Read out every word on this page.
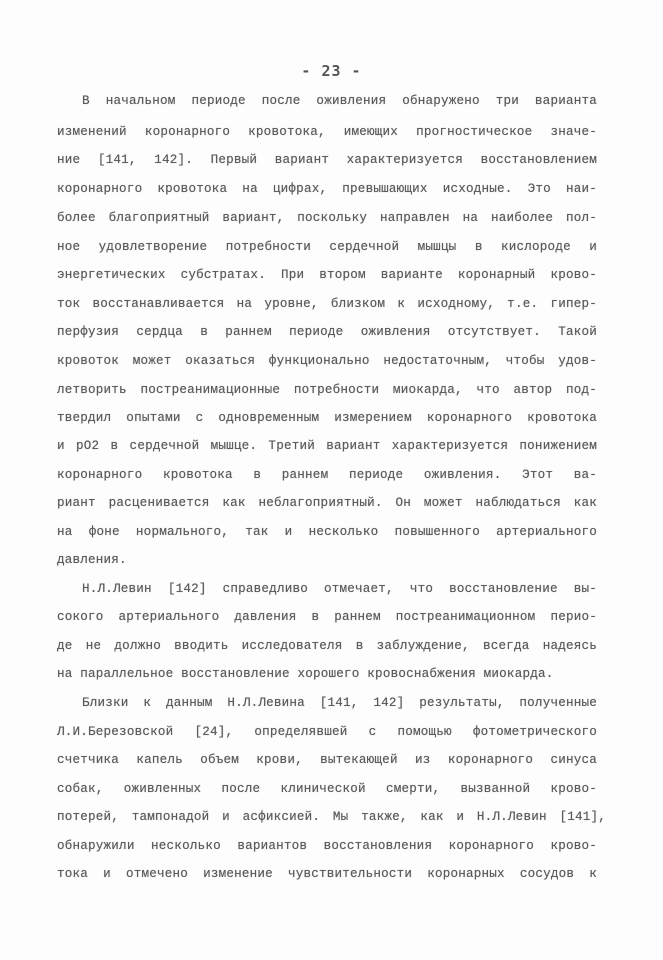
- 23 -
В начальном периоде после оживления обнаружено три варианта
изменений коронарного кровотока, имеющих прогностическое значе-
ние [141, 142]. Первый вариант характеризуется восстановлением
коронарного кровотока на цифрах, превышающих исходные. Это наи-
более благоприятный вариант, поскольку направлен на наиболее пол-
ное удовлетворение потребности сердечной мышцы в кислороде и
энергетических субстратах. При втором варианте коронарный крово-
ток восстанавливается на уровне, близком к исходному, т.е. гипер-
перфузия сердца в раннем периоде оживления отсутствует. Такой
кровоток может оказаться функционально недостаточным, чтобы удов-
летворить постреанимационные потребности миокарда, что автор под-
твердил опытами с одновременным измерением коронарного кровотока
и pO2 в сердечной мышце. Третий вариант характеризуется понижением
коронарного кровотока в раннем периоде оживления. Этот ва-
риант расценивается как неблагоприятный. Он может наблюдаться как
на фоне нормального, так и несколько повышенного артериального
давления.
Н.Л.Левин [142] справедливо отмечает, что восстановление вы-
сокого артериального давления в раннем постреанимационном перио-
де не должно вводить исследователя в заблуждение, всегда надеясь
на параллельное восстановление хорошего кровоснабжения миокарда.
Близки к данным Н.Л.Левина [141, 142] результаты, полученные
Л.И.Березовской [24], определявшей с помощью фотометрического
счетчика капель объем крови, вытекающей из коронарного синуса
собак, оживленных после клинической смерти, вызванной крово-
потерей, тампонадой и асфиксией. Мы также, как и Н.Л.Левин [141],
обнаружили несколько вариантов восстановления коронарного крово-
тока и отмечено изменение чувствительности коронарных сосудов к
